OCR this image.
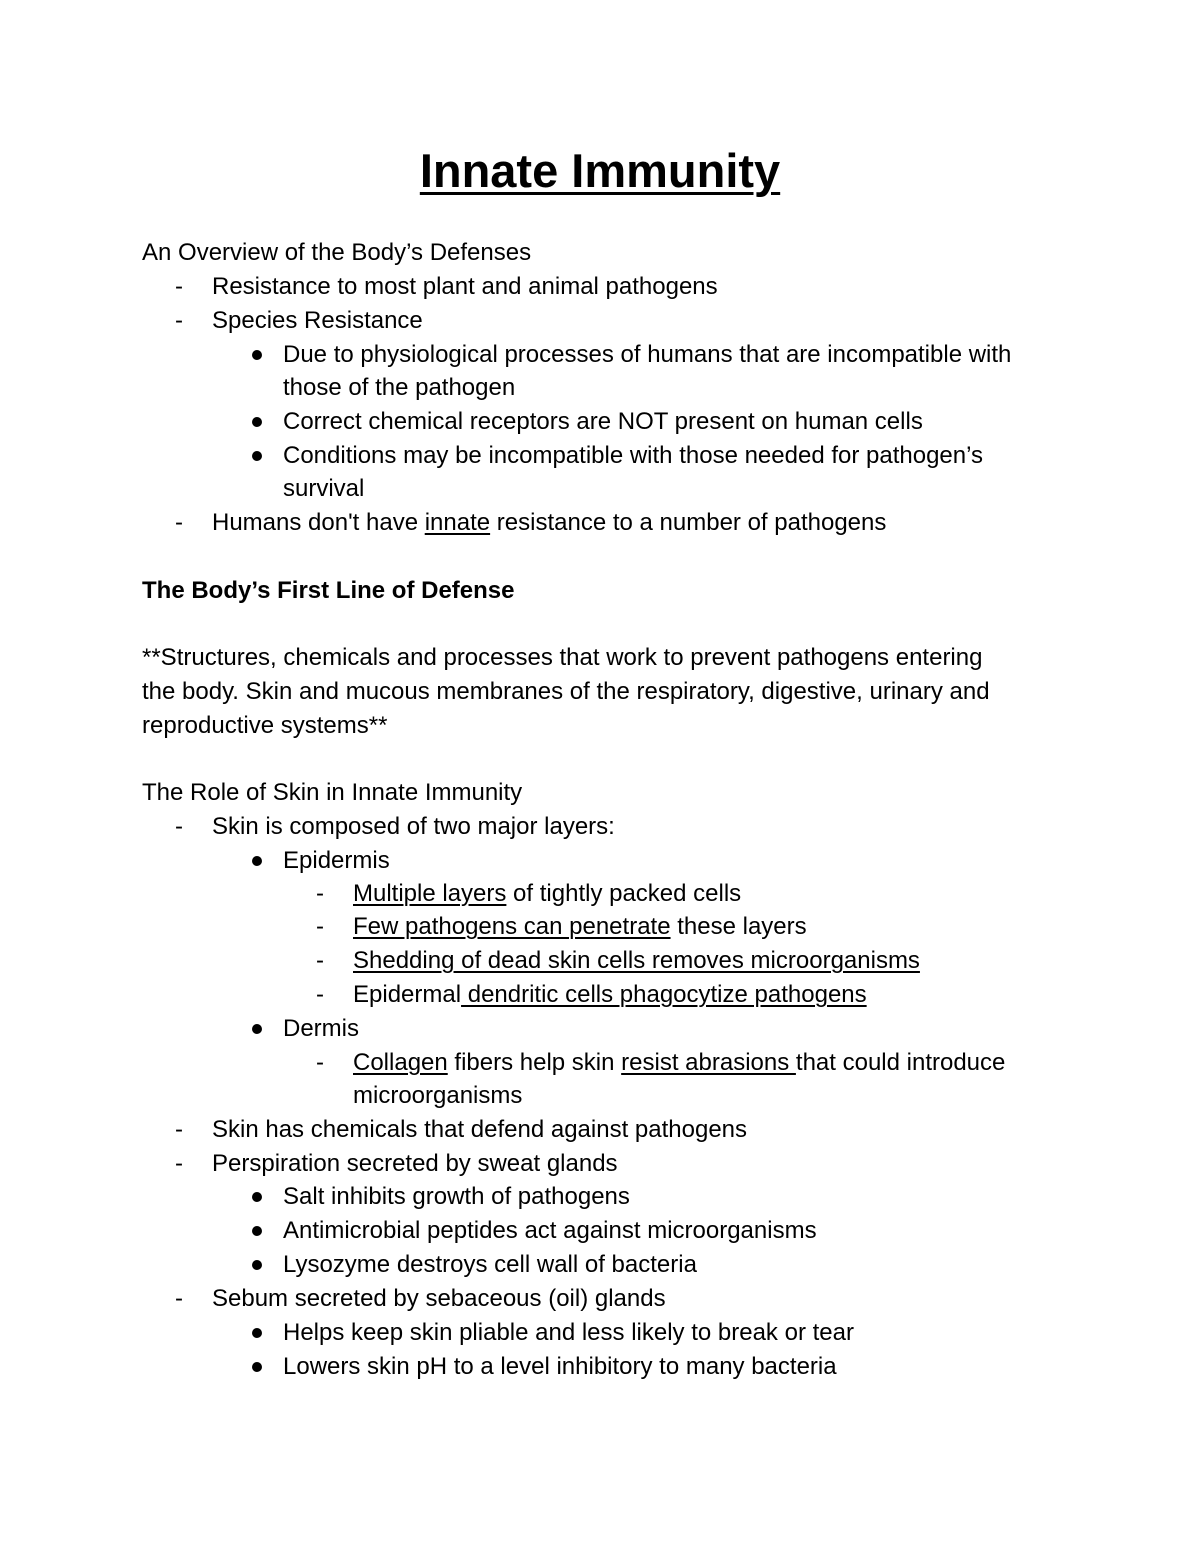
Innate Immunity
An Overview of the Body’s Defenses
-	Resistance to most plant and animal pathogens
-	Species Resistance
Due to physiological processes of humans that are incompatible with
those of the pathogen
Correct chemical receptors are NOT present on human cells
Conditions may be incompatible with those needed for pathogen’s
survival
-	Humans don't have innate resistance to a number of pathogens
The Body’s First Line of Defense
**Structures, chemicals and processes that work to prevent pathogens entering
the body. Skin and mucous membranes of the respiratory, digestive, urinary and
reproductive systems**
The Role of Skin in Innate Immunity
-	Skin is composed of two major layers:
Epidermis
-	Multiple layers of tightly packed cells
-	Few pathogens can penetrate these layers
-	Shedding of dead skin cells removes microorganisms
-	Epidermal dendritic cells phagocytize pathogens
Dermis
-	Collagen fibers help skin resist abrasions that could introduce
microorganisms
-	Skin has chemicals that defend against pathogens
-	Perspiration secreted by sweat glands
Salt inhibits growth of pathogens
Antimicrobial peptides act against microorganisms
Lysozyme destroys cell wall of bacteria
-	Sebum secreted by sebaceous (oil) glands
Helps keep skin pliable and less likely to break or tear
Lowers skin pH to a level inhibitory to many bacteria
